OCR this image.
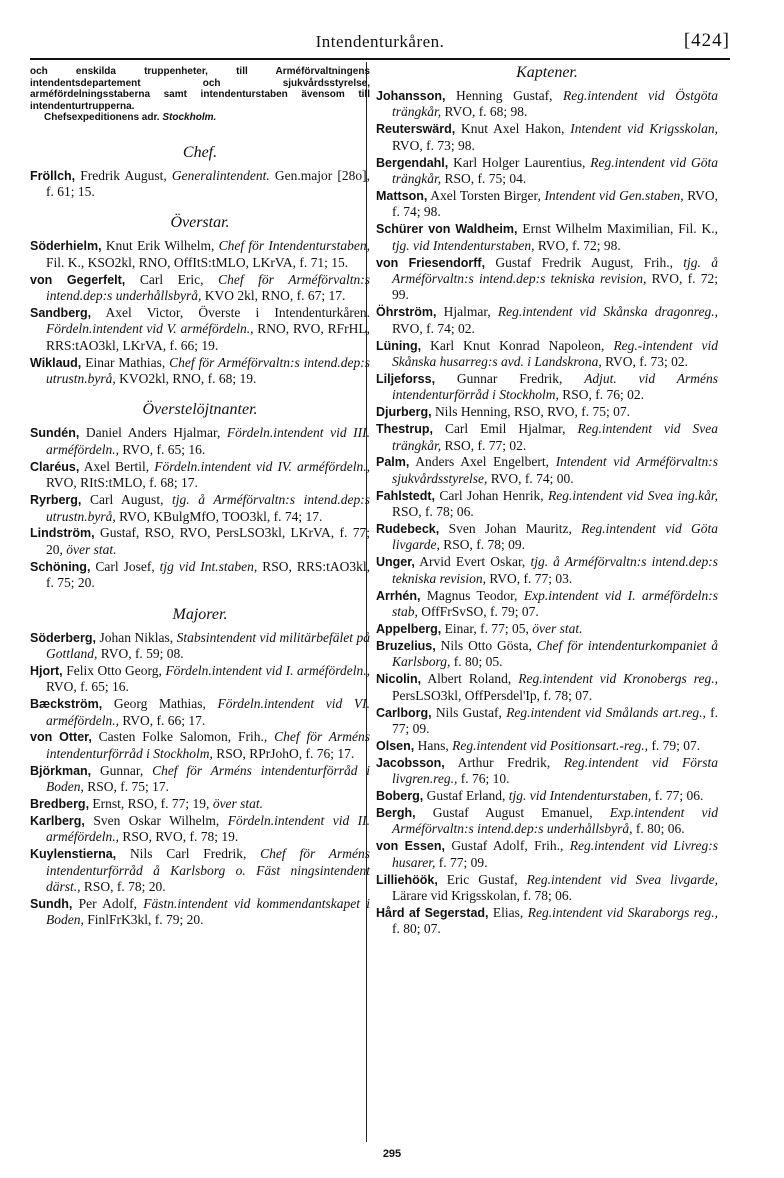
Intendenturkåren.	[424]
och enskilda truppenheter, till Arméförvaltningens intendentsdepartement och sjukvårdsstyrelse, arméfördelningsstaberna samt intendenturstaben ävensom till intendenturtrupperna.
Chefsexpeditionens adr. Stockholm.
Chef.

Fröllch, Fredrik August, Generalintendent. Gen.major [28o], f. 61; 15.

Överstar.

Söderhielm, Knut Erik Wilhelm, Chef för Intendenturstaben, Fil. K., KSO2kl, RNO, OffItS:tMLO, LKrVA, f. 71; 15.

von Gegerfelt, Carl Eric, Chef för Arméförvaltn:s intend.dep:s underhållsbyrå, KVO 2kl, RNO, f. 67; 17.

Sandberg, Axel Victor, Överste i Intendenturkåren. Fördeln.intendent vid V. arméfördeln., RNO, RVO, RFrHL, RRS:tAO3kl, LKrVA, f. 66; 19.

Wiklaud, Einar Mathias, Chef för Arméförvaltn:s intend.dep:s utrustn.byrå, KVO2kl, RNO, f. 68; 19.

Överstelöjtnanter.

Sundén, Daniel Anders Hjalmar, Fördeln.intendent vid III. arméfördeln., RVO, f. 65; 16.

Claréus, Axel Bertil, Fördeln.intendent vid IV. arméfördeln., RVO, RItS:tMLO, f. 68; 17.

Ryrberg, Carl August, tjg. å Arméförvaltn:s intend.dep:s utrustn.byrå, RVO, KBulgMfO, TOO3kl, f. 74; 17.

Lindström, Gustaf, RSO, RVO, PersLSO3kl, LKrVA, f. 77; 20, över stat.

Schöning, Carl Josef, tjg vid Int.staben, RSO, RRS:tAO3kl, f. 75; 20.

Majorer.

Söderberg, Johan Niklas, Stabsintendent vid militärbefälet på Gottland, RVO, f. 59; 08.

Hjort, Felix Otto Georg, Fördeln.intendent vid I. arméfördeln., RVO, f. 65; 16.

Bæckström, Georg Mathias, Fördeln.intendent vid VI. arméfördeln., RVO, f. 66; 17.

von Otter, Casten Folke Salomon, Frih., Chef för Arméns intendenturförråd i Stockholm, RSO, RPrJohO, f. 76; 17.

Björkman, Gunnar, Chef för Arméns intendenturförråd i Boden, RSO, f. 75; 17.

Bredberg, Ernst, RSO, f. 77; 19, över stat.

Karlberg, Sven Oskar Wilhelm, Fördeln.intendent vid II. arméfördeln., RSO, RVO, f. 78; 19.

Kuylenstierna, Nils Carl Fredrik, Chef för Arméns intendenturförråd å Karlsborg o. Fäst ningsintendent därst., RSO, f. 78; 20.

Sundh, Per Adolf, Fästn.intendent vid kommendantskapet i Boden, FinlFrK3kl, f. 79; 20.

Kaptener.

Johansson, Henning Gustaf, Reg.intendent vid Östgöta trängkår, RVO, f. 68; 98.

Reuterswärd, Knut Axel Hakon, Intendent vid Krigsskolan, RVO, f. 73; 98.

Bergendahl, Karl Holger Laurentius, Reg.intendent vid Göta trängkår, RSO, f. 75; 04.

Mattson, Axel Torsten Birger, Intendent vid Gen.staben, RVO, f. 74; 98.

Schürer von Waldheim, Ernst Wilhelm Maximilian, Fil. K., tjg. vid Intendenturstaben, RVO, f. 72; 98.

von Friesendorff, Gustaf Fredrik August, Frih., tjg. å Arméförvaltn:s intend.dep:s tekniska revision, RVO, f. 72; 99.

Öhrström, Hjalmar, Reg.intendent vid Skånska dragonreg., RVO, f. 74; 02.

Lüning, Karl Knut Konrad Napoleon, Reg.-intendent vid Skånska husarreg:s avd. i Landskrona, RVO, f. 73; 02.

Liljeforss, Gunnar Fredrik, Adjut. vid Arméns intendenturförråd i Stockholm, RSO, f. 76; 02.

Djurberg, Nils Henning, RSO, RVO, f. 75; 07.

Thestrup, Carl Emil Hjalmar, Reg.intendent vid Svea trängkår, RSO, f. 77; 02.

Palm, Anders Axel Engelbert, Intendent vid Arméförvaltn:s sjukvårdsstyrelse, RVO, f. 74; 00.

Fahlstedt, Carl Johan Henrik, Reg.intendent vid Svea ing.kår, RSO, f. 78; 06.

Rudebeck, Sven Johan Mauritz, Reg.intendent vid Göta livgarde, RSO, f. 78; 09.

Unger, Arvid Evert Oskar, tjg. å Arméförvaltn:s intend.dep:s tekniska revision, RVO, f. 77; 03.

Arrhén, Magnus Teodor, Exp.intendent vid I. arméfördeln:s stab, OffFrSvSO, f. 79; 07.

Appelberg, Einar, f. 77; 05, över stat.

Bruzelius, Nils Otto Gösta, Chef för intendenturkompaniet å Karlsborg, f. 80; 05.

Nicolin, Albert Roland, Reg.intendent vid Kronobergs reg., PersLSO3kl, OffPersdel'Ip, f. 78; 07.

Carlborg, Nils Gustaf, Reg.intendent vid Smålands art.reg., f. 77; 09.

Olsen, Hans, Reg.intendent vid Positionsart.-reg., f. 79; 07.

Jacobsson, Arthur Fredrik, Reg.intendent vid Första livgren.reg., f. 76; 10.

Boberg, Gustaf Erland, tjg. vid Intendenturstaben, f. 77; 06.

Bergh, Gustaf August Emanuel, Exp.intendent vid Arméförvaltn:s intend.dep:s underhållsbyrå, f. 80; 06.

von Essen, Gustaf Adolf, Frih., Reg.intendent vid Livreg:s husarer, f. 77; 09.

Lilliehöök, Eric Gustaf, Reg.intendent vid Svea livgarde, Lärare vid Krigsskolan, f. 78; 06.

Hård af Segerstad, Elias, Reg.intendent vid Skaraborgs reg., f. 80; 07.

295
